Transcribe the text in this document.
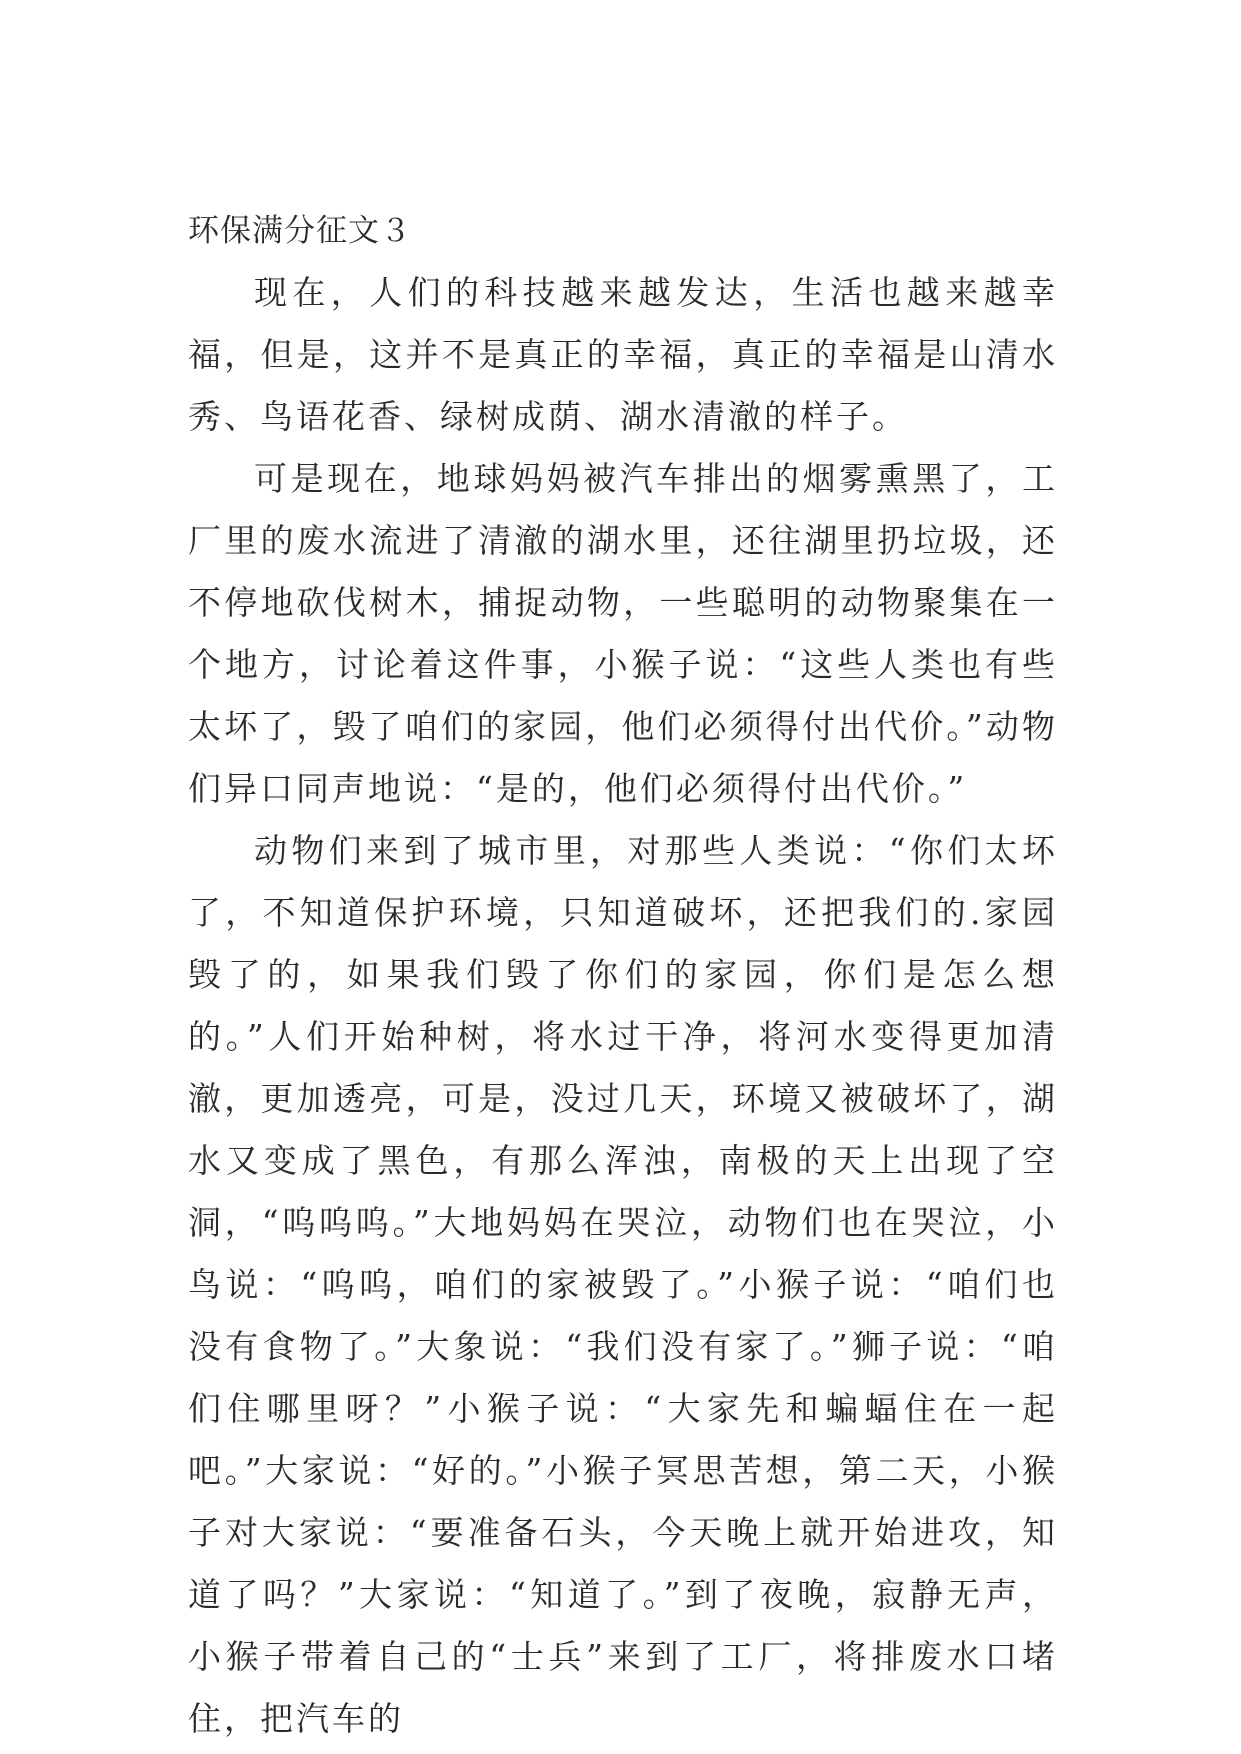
环保满分征文３

现在，人们的科技越来越发达，生活也越来越幸福，但是，这并不是真正的幸福，真正的幸福是山清水秀、鸟语花香、绿树成荫、湖水清澈的样子。

可是现在，地球妈妈被汽车排出的烟雾熏黑了，工厂里的废水流进了清澈的湖水里，还往湖里扔垃圾，还不停地砍伐树木，捕捉动物，一些聪明的动物聚集在一个地方，讨论着这件事，小猴子说：“这些人类也有些太坏了，毁了咱们的家园，他们必须得付出代价。”动物们异口同声地说：“是的，他们必须得付出代价。”

动物们来到了城市里，对那些人类说：“你们太坏了，不知道保护环境，只知道破坏，还把我们的.家园毁了的，如果我们毁了你们的家园，你们是怎么想的。”人们开始种树，将水过干净，将河水变得更加清澈，更加透亮，可是，没过几天，环境又被破坏了，湖水又变成了黑色，有那么浑浊，南极的天上出现了空洞，“呜呜呜。”大地妈妈在哭泣，动物们也在哭泣，小鸟说：“呜呜，咱们的家被毁了。”小猴子说：“咱们也没有食物了。”大象说：“我们没有家了。”狮子说：“咱们住哪里呀？”小猴子说：“大家先和蝙蝠住在一起吧。”大家说：“好的。”小猴子冥思苦想，第二天，小猴子对大家说：“要准备石头，今天晚上就开始进攻，知道了吗？”大家说：“知道了。”到了夜晚，寂静无声，小猴子带着自己的“士兵”来到了工厂，将排废水口堵住，把汽车的
